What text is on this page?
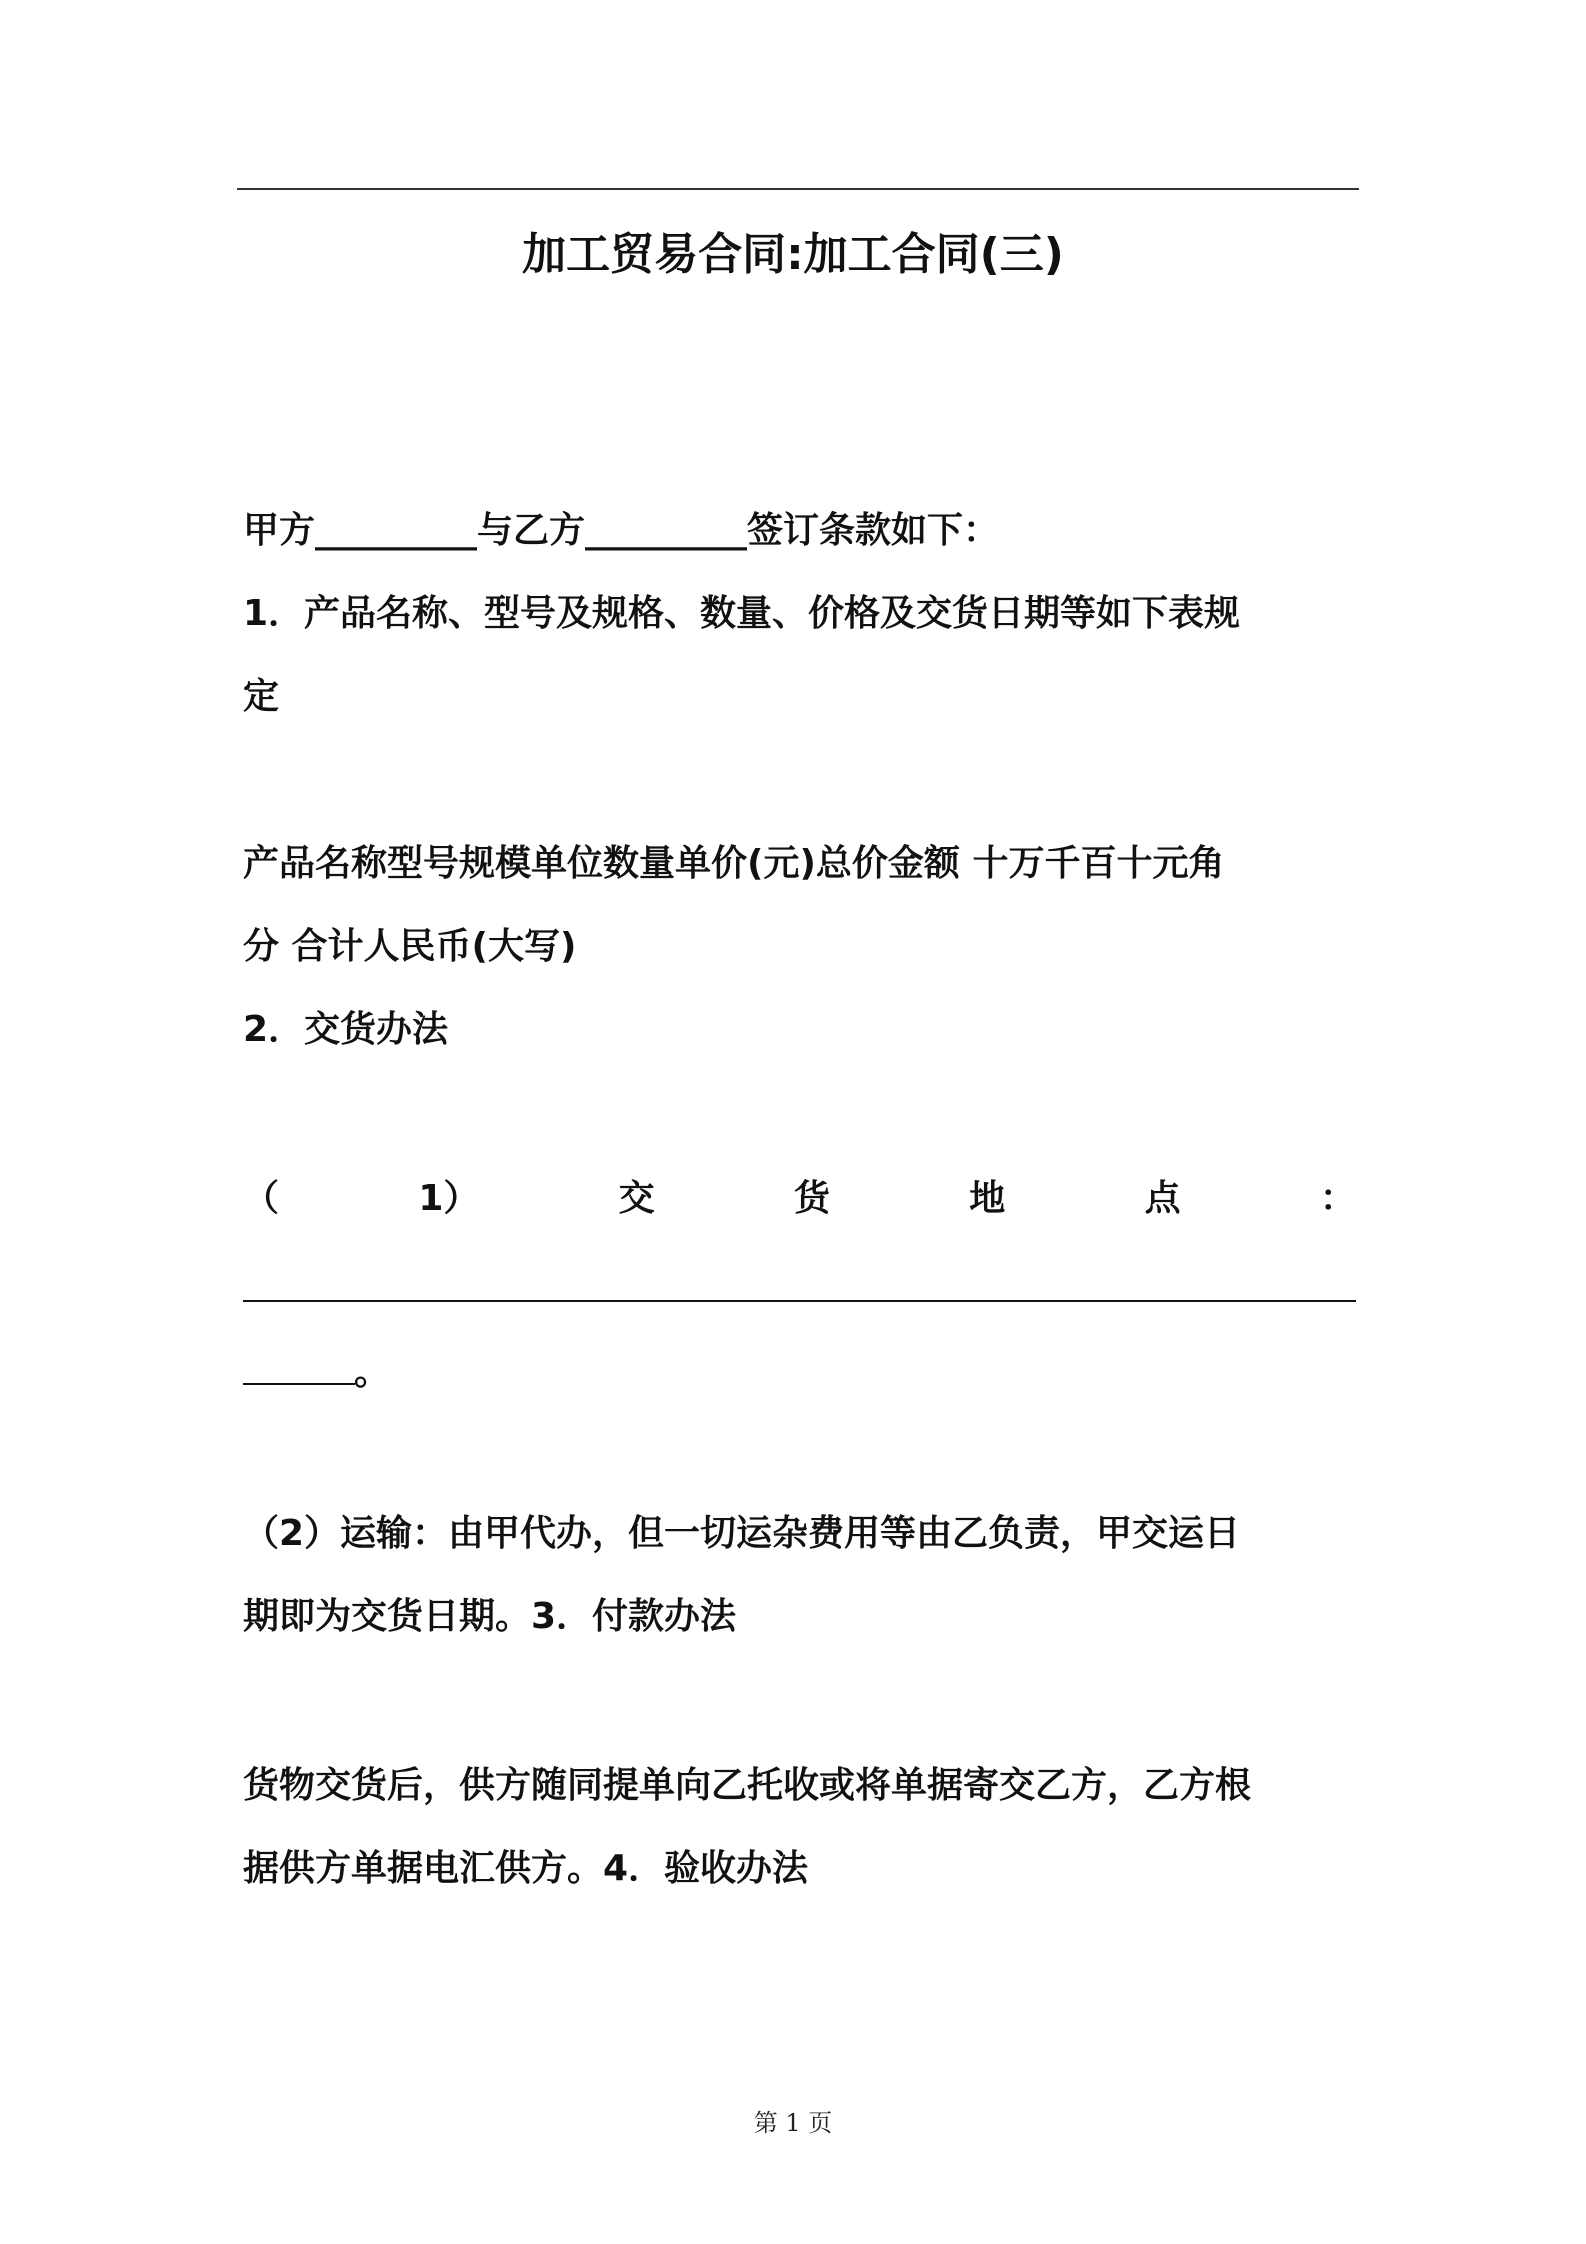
加工贸易合同:加工合同(三)
甲方_________与乙方_________签订条款如下：
1．产品名称、型号及规格、数量、价格及交货日期等如下表规
定
产品名称型号规模单位数量单价(元)总价金额 十万千百十元角
分 合计人民币(大写)
2．交货办法
（	1）	交	货	地	点	：
。
（2）运输：由甲代办，但一切运杂费用等由乙负责，甲交运日
期即为交货日期。3．付款办法
货物交货后，供方随同提单向乙托收或将单据寄交乙方，乙方根
据供方单据电汇供方。4．验收办法
第 1 页
